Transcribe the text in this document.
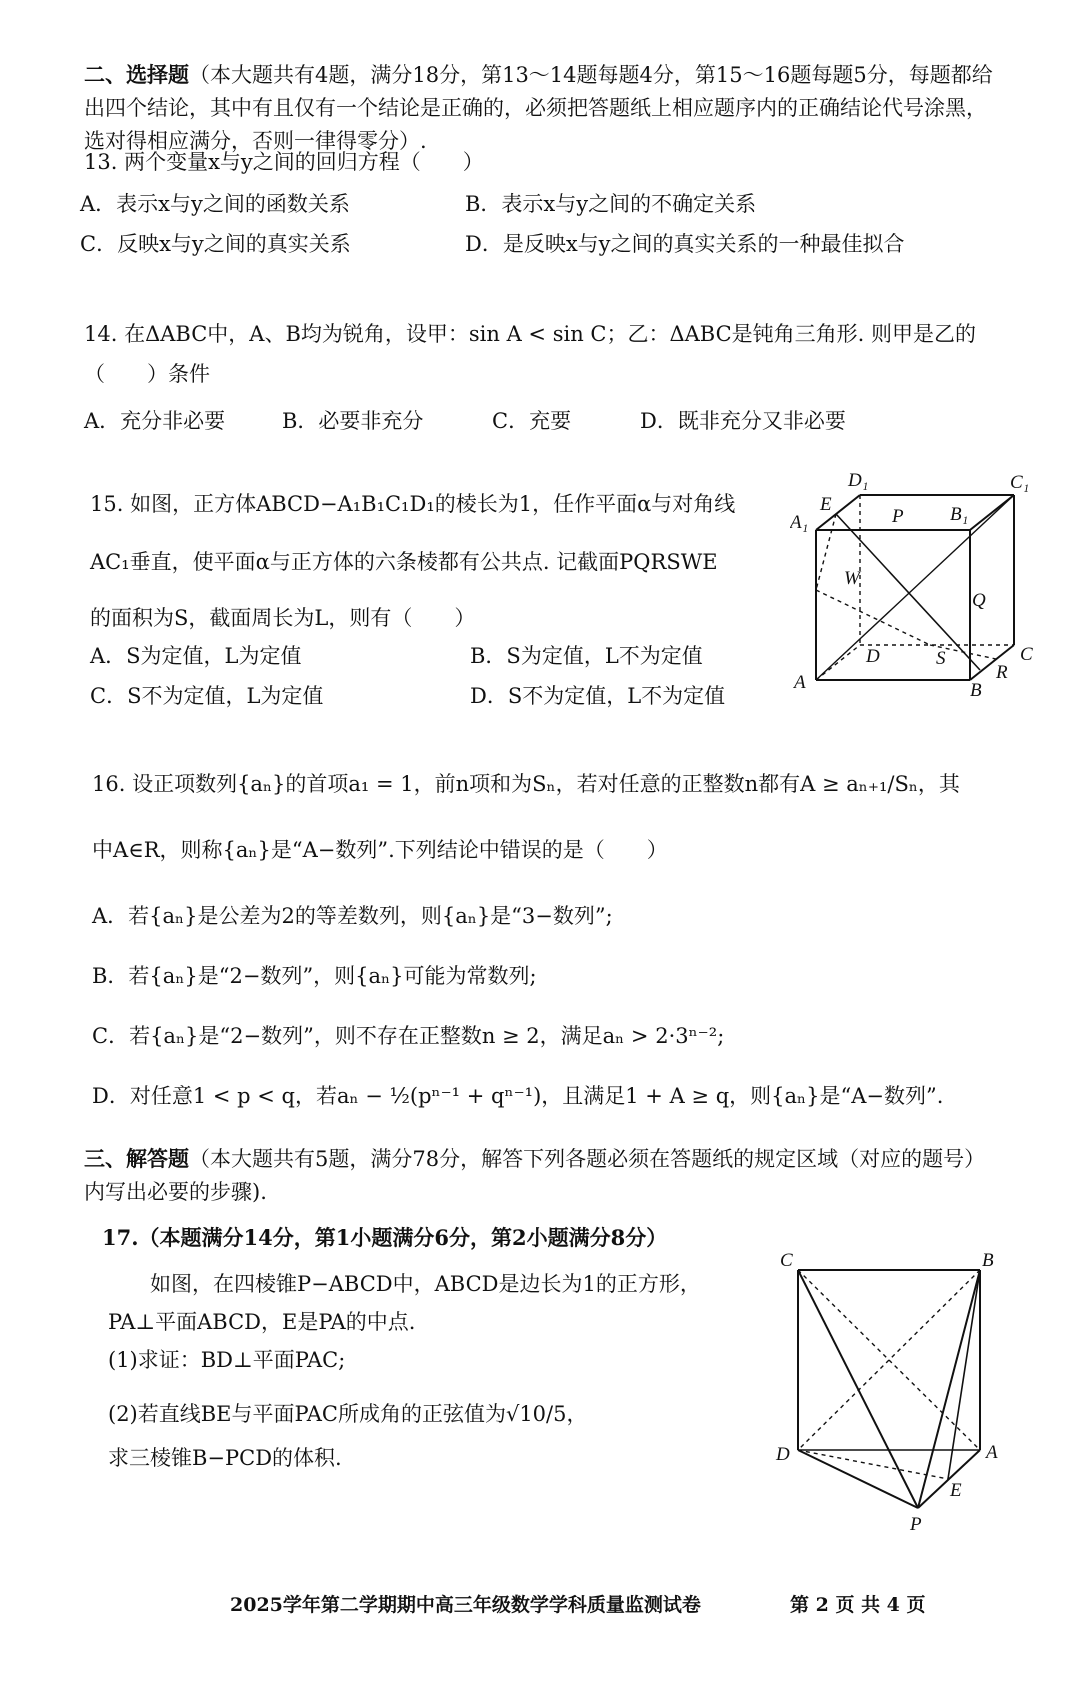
二、选择题（本大题共有4题，满分18分，第13～14题每题4分，第15～16题每题5分，每题都给出四个结论，其中有且仅有一个结论是正确的，必须把答题纸上相应题序内的正确结论代号涂黑，选对得相应满分，否则一律得零分）.
13. 两个变量x与y之间的回归方程（　　）
A．表示x与y之间的函数关系	B．表示x与y之间的不确定关系
C．反映x与y之间的真实关系	D．是反映x与y之间的真实关系的一种最佳拟合
14. 在ΔABC中，A、B均为锐角，设甲：sin A < sin C；乙：ΔABC是钝角三角形. 则甲是乙的（　　）条件
A．充分非必要	B．必要非充分	C．充要	D．既非充分又非必要
15. 如图，正方体ABCD−A₁B₁C₁D₁的棱长为1，任作平面α与对角线
AC₁垂直，使平面α与正方体的六条棱都有公共点. 记截面PQRSWE
的面积为S，截面周长为L，则有（　　）
A．S为定值，L为定值	B．S为定值，L不为定值
C．S不为定值，L为定值	D．S不为定值，L不为定值
D₁	C₁
E
P B₁
A₁
W
Q
D	S	C
A	R
B
16. 设正项数列{aₙ}的首项a₁ = 1，前n项和为Sₙ，若对任意的正整数n都有A ≥ aₙ₊₁/Sₙ，其
中A∈R，则称{aₙ}是“A−数列”.下列结论中错误的是（　　）
A．若{aₙ}是公差为2的等差数列，则{aₙ}是“3−数列”;
B．若{aₙ}是“2−数列”，则{aₙ}可能为常数列;
C．若{aₙ}是“2−数列”，则不存在正整数n ≥ 2，满足aₙ > 2·3ⁿ⁻²;
D．对任意1 < p < q，若aₙ − ½(pⁿ⁻¹ + qⁿ⁻¹)，且满足1 + A ≥ q，则{aₙ}是“A−数列”.
三、解答题（本大题共有5题，满分78分，解答下列各题必须在答题纸的规定区域（对应的题号）内写出必要的步骤).
17.（本题满分14分，第1小题满分6分，第2小题满分8分）
如图，在四棱锥P−ABCD中，ABCD是边长为1的正方形，
PA⊥平面ABCD，E是PA的中点.
(1)求证：BD⊥平面PAC;
(2)若直线BE与平面PAC所成角的正弦值为√10/5，
求三棱锥B−PCD的体积.
C	B
D	A
E
P
2025学年第二学期期中高三年级数学学科质量监测试卷	第 2 页 共 4 页
